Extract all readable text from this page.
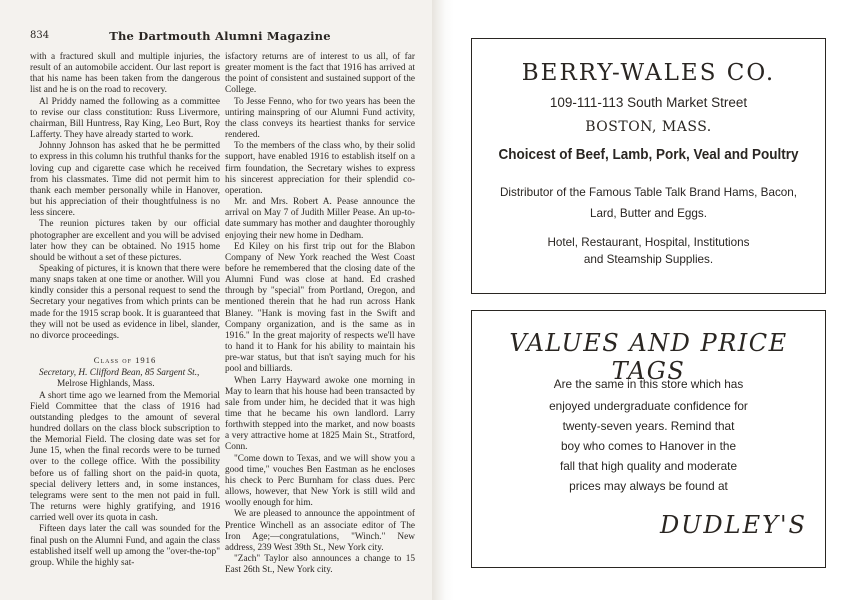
834	The Dartmouth Alumni Magazine

with a fractured skull and multiple injuries, the result of an automobile accident. Our last report is that his name has been taken from the dangerous list and he is on the road to recovery.

Al Priddy named the following as a committee to revise our class constitution: Russ Livermore, chairman, Bill Huntress, Ray King, Leo Burt, Roy Lafferty. They have already started to work.

Johnny Johnson has asked that he be permitted to express in this column his truthful thanks for the loving cup and cigarette case which he received from his classmates. Time did not permit him to thank each member personally while in Hanover, but his appreciation of their thoughtfulness is no less sincere.

The reunion pictures taken by our official photographer are excellent and you will be advised later how they can be obtained. No 1915 home should be without a set of these pictures.

Speaking of pictures, it is known that there were many snaps taken at one time or another. Will you kindly consider this a personal request to send the Secretary your negatives from which prints can be made for the 1915 scrap book. It is guaranteed that they will not be used as evidence in libel, slander, no divorce proceedings.

Class of 1916

Secretary, H. Clifford Bean, 85 Sargent St.,

Melrose Highlands, Mass.

A short time ago we learned from the Memorial Field Committee that the class of 1916 had outstanding pledges to the amount of several hundred dollars on the class block subscription to the Memorial Field. The closing date was set for June 15, when the final records were to be turned over to the college office. With the possibility before us of falling short on the paid-in quota, special delivery letters and, in some instances, telegrams were sent to the men not paid in full. The returns were highly gratifying, and 1916 carried well over its quota in cash.

Fifteen days later the call was sounded for the final push on the Alumni Fund, and again the class established itself well up among the "over-the-top" group. While the highly sat-

isfactory returns are of interest to us all, of far greater moment is the fact that 1916 has arrived at the point of consistent and sustained support of the College.

To Jesse Fenno, who for two years has been the untiring mainspring of our Alumni Fund activity, the class conveys its heartiest thanks for service rendered.

To the members of the class who, by their solid support, have enabled 1916 to establish itself on a firm foundation, the Secretary wishes to express his sincerest appreciation for their splendid co-operation.

Mr. and Mrs. Robert A. Pease announce the arrival on May 7 of Judith Miller Pease. An up-to-date summary has mother and daughter thoroughly enjoying their new home in Dedham.

Ed Kiley on his first trip out for the Blabon Company of New York reached the West Coast before he remembered that the closing date of the Alumni Fund was close at hand. Ed crashed through by "special" from Portland, Oregon, and mentioned therein that he had run across Hank Blaney. "Hank is moving fast in the Swift and Company organization, and is the same as in 1916." In the great majority of respects we'll have to hand it to Hank for his ability to maintain his pre-war status, but that isn't saying much for his pool and billiards.

When Larry Hayward awoke one morning in May to learn that his house had been transacted by sale from under him, he decided that it was high time that he became his own landlord. Larry forthwith stepped into the market, and now boasts a very attractive home at 1825 Main St., Stratford, Conn.

"Come down to Texas, and we will show you a good time," vouches Ben Eastman as he encloses his check to Perc Burnham for class dues. Perc allows, however, that New York is still wild and woolly enough for him.

We are pleased to announce the appointment of Prentice Winchell as an associate editor of The Iron Age;—congratulations, "Winch." New address, 239 West 39th St., New York city.

"Zach" Taylor also announces a change to 15 East 26th St., New York city.

BERRY-WALES CO.
109-111-113 South Market Street
BOSTON, MASS.
Choicest of Beef, Lamb, Pork, Veal and Poultry
Distributor of the Famous Table Talk Brand Hams, Bacon,
Lard, Butter and Eggs.
Hotel, Restaurant, Hospital, Institutions
and Steamship Supplies.
VALUES AND PRICE TAGS
Are the same in this store which has
enjoyed undergraduate confidence for
twenty-seven years. Remind that
boy who comes to Hanover in the
fall that high quality and moderate
prices may always be found at
DUDLEY'S
